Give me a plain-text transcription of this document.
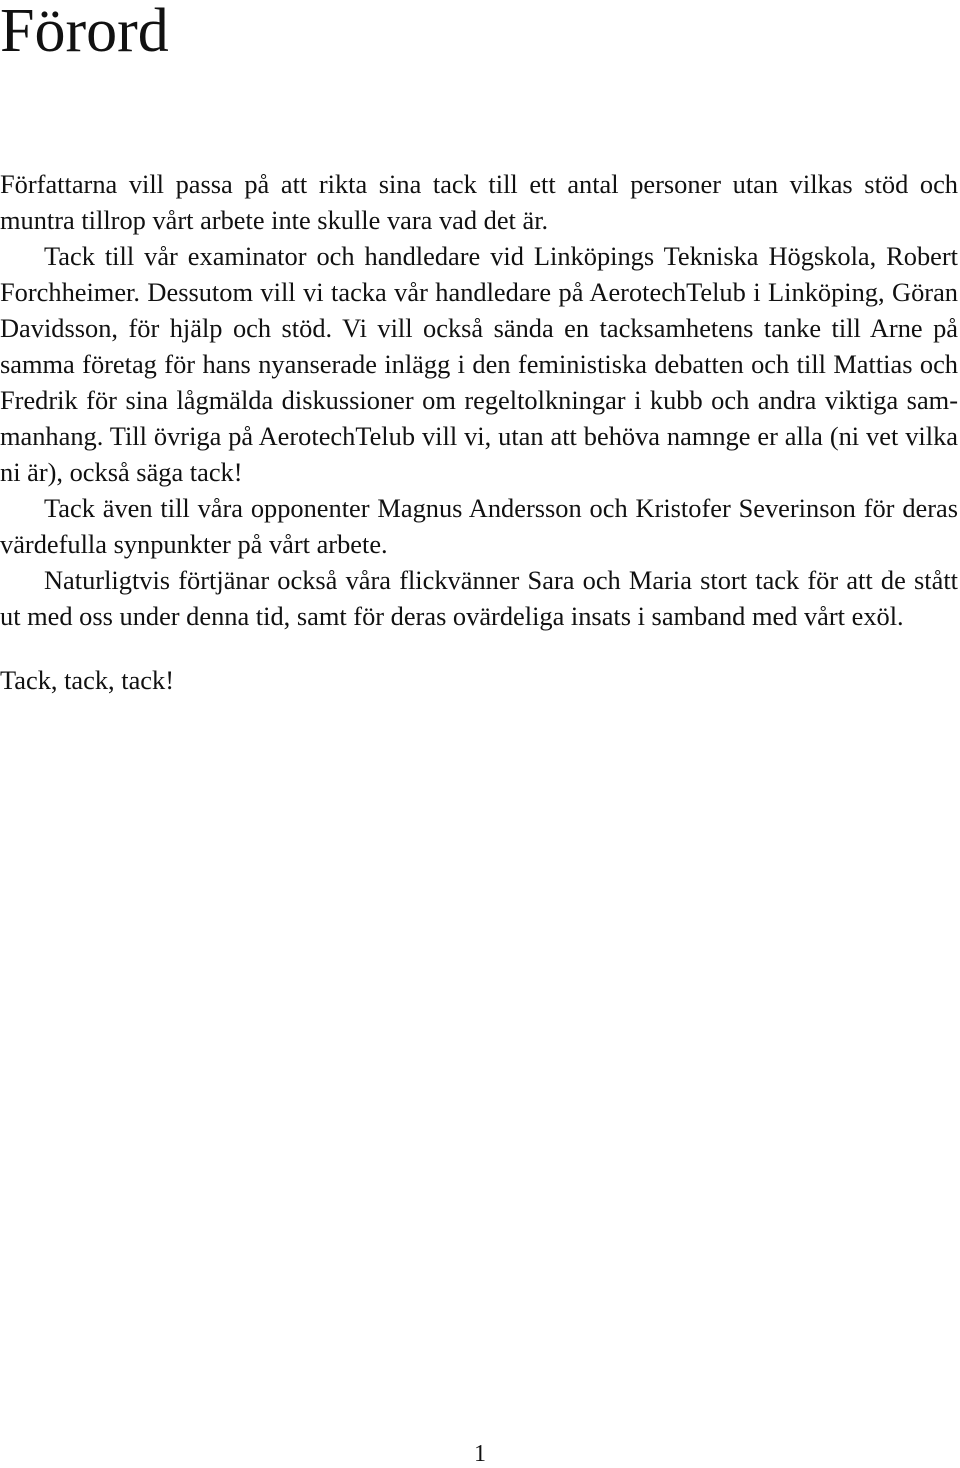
Förord

Författarna vill passa på att rikta sina tack till ett antal personer utan vilkas stöd och muntra tillrop vårt arbete inte skulle vara vad det är.

Tack till vår examinator och handledare vid Linköpings Tekniska Högskola, Robert Forchheimer. Dessutom vill vi tacka vår handledare på AerotechTelub i Linköping, Göran Davidsson, för hjälp och stöd. Vi vill också sända en tacksamhetens tanke till Arne på samma företag för hans nyanserade inlägg i den feministiska debatten och till Mattias och Fredrik för sina lågmälda diskussioner om regeltolkningar i kubb och andra viktiga sammanhang. Till övriga på AerotechTelub vill vi, utan att behöva namnge er alla (ni vet vilka ni är), också säga tack!

Tack även till våra opponenter Magnus Andersson och Kristofer Severinson för deras värdefulla synpunkter på vårt arbete.

Naturligtvis förtjänar också våra flickvänner Sara och Maria stort tack för att de stått ut med oss under denna tid, samt för deras ovärdeliga insats i samband med vårt exöl.

Tack, tack, tack!

1
